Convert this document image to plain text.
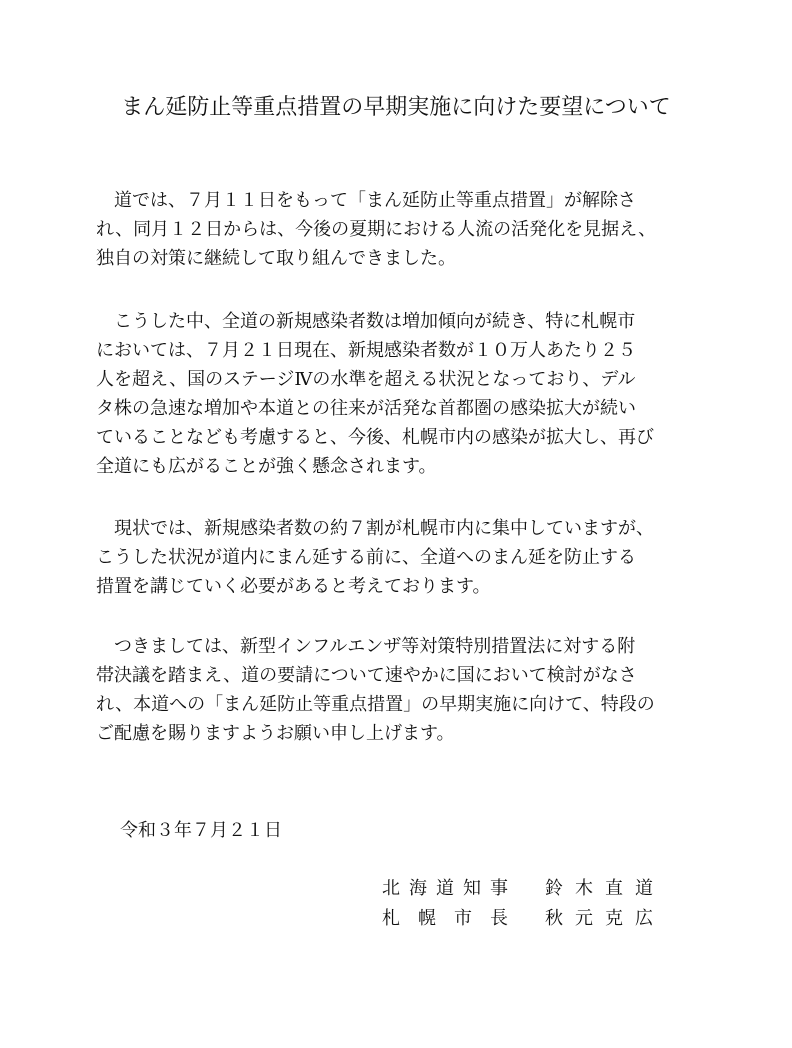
まん延防止等重点措置の早期実施に向けた要望について
　道では、７月１１日をもって「まん延防止等重点措置」が解除さ
れ、同月１２日からは、今後の夏期における人流の活発化を見据え、
独自の対策に継続して取り組んできました。
　こうした中、全道の新規感染者数は増加傾向が続き、特に札幌市
においては、７月２１日現在、新規感染者数が１０万人あたり２５
人を超え、国のステージⅣの水準を超える状況となっており、デル
タ株の急速な増加や本道との往来が活発な首都圏の感染拡大が続い
ていることなども考慮すると、今後、札幌市内の感染が拡大し、再び
全道にも広がることが強く懸念されます。
　現状では、新規感染者数の約７割が札幌市内に集中していますが、
こうした状況が道内にまん延する前に、全道へのまん延を防止する
措置を講じていく必要があると考えております。
　つきましては、新型インフルエンザ等対策特別措置法に対する附
帯決議を踏まえ、道の要請について速やかに国において検討がなさ
れ、本道への「まん延防止等重点措置」の早期実施に向けて、特段の
ご配慮を賜りますようお願い申し上げます。
令和３年７月２１日
北海道知事 鈴木直道
札幌市長 秋元克広
